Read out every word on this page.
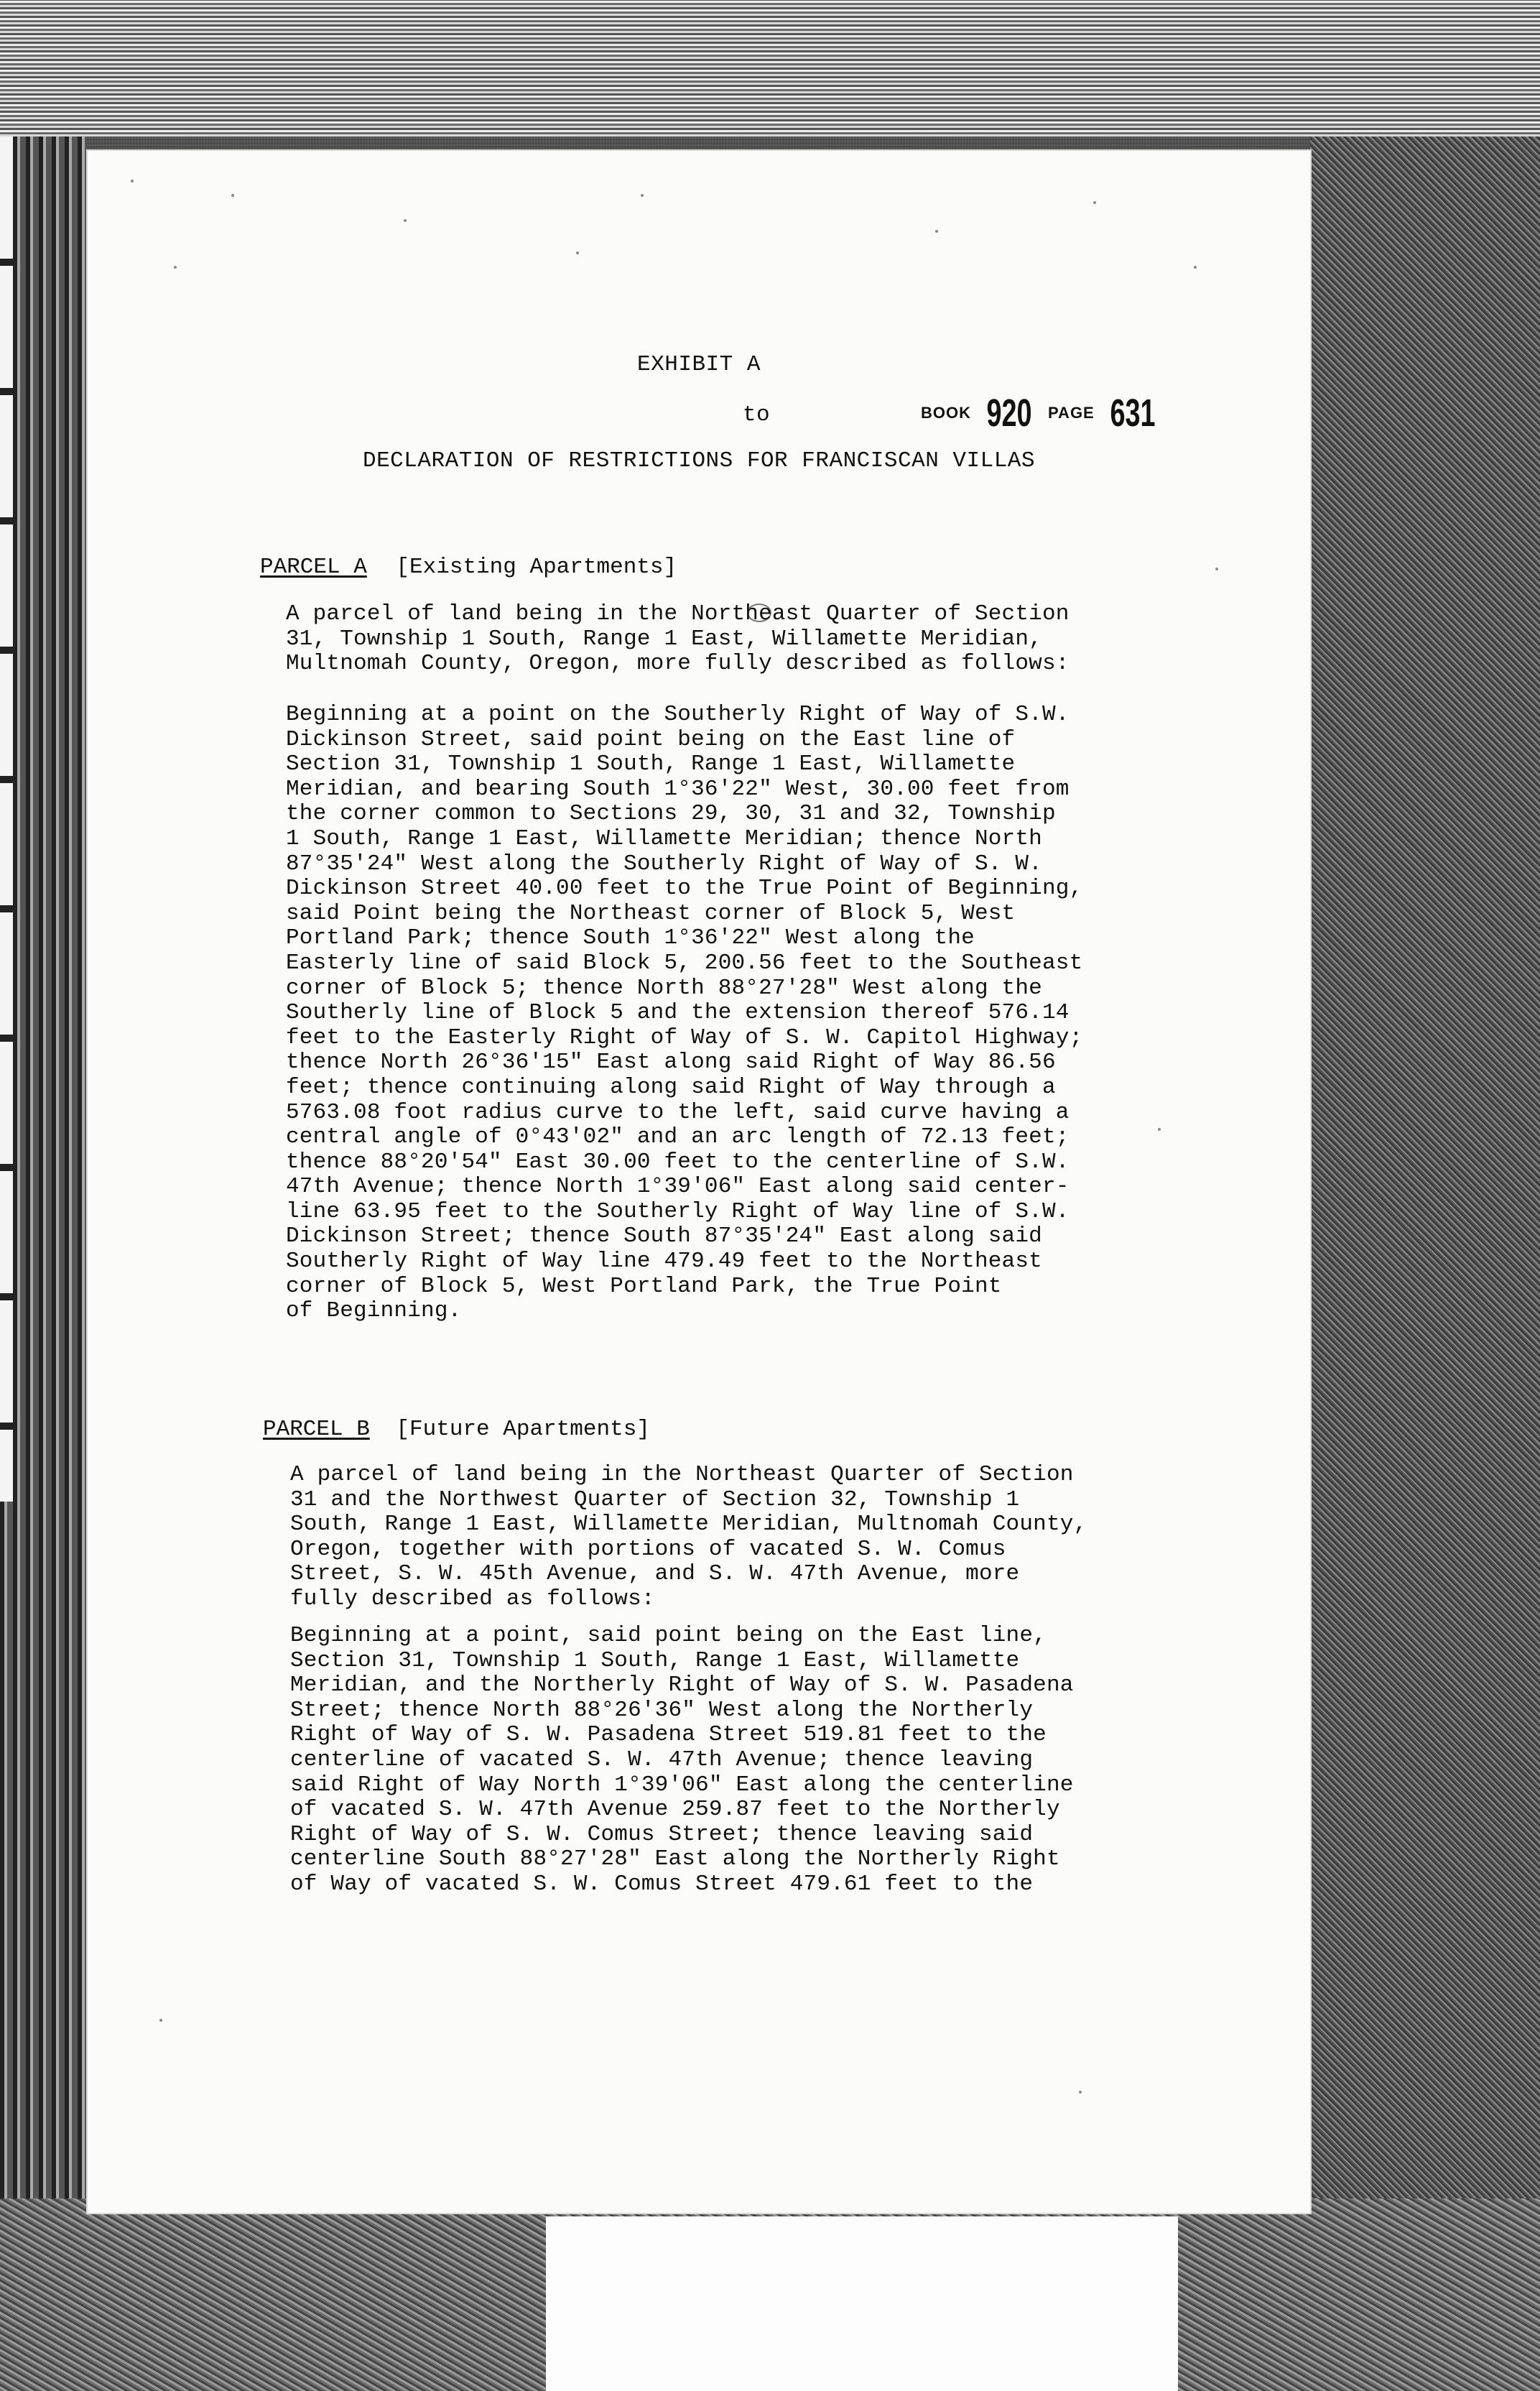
EXHIBIT A
to	BOOK 920 PAGE 631
DECLARATION OF RESTRICTIONS FOR FRANCISCAN VILLAS
PARCEL A [Existing Apartments]
A parcel of land being in the Northeast Quarter of Section
31, Township 1 South, Range 1 East, Willamette Meridian,
Multnomah County, Oregon, more fully described as follows:
Beginning at a point on the Southerly Right of Way of S.W.
Dickinson Street, said point being on the East line of
Section 31, Township 1 South, Range 1 East, Willamette
Meridian, and bearing South 1°36'22" West, 30.00 feet from
the corner common to Sections 29, 30, 31 and 32, Township
1 South, Range 1 East, Willamette Meridian; thence North
87°35'24" West along the Southerly Right of Way of S. W.
Dickinson Street 40.00 feet to the True Point of Beginning,
said Point being the Northeast corner of Block 5, West
Portland Park; thence South 1°36'22" West along the
Easterly line of said Block 5, 200.56 feet to the Southeast
corner of Block 5; thence North 88°27'28" West along the
Southerly line of Block 5 and the extension thereof 576.14
feet to the Easterly Right of Way of S. W. Capitol Highway;
thence North 26°36'15" East along said Right of Way 86.56
feet; thence continuing along said Right of Way through a
5763.08 foot radius curve to the left, said curve having a
central angle of 0°43'02" and an arc length of 72.13 feet;
thence 88°20'54" East 30.00 feet to the centerline of S.W.
47th Avenue; thence North 1°39'06" East along said center-
line 63.95 feet to the Southerly Right of Way line of S.W.
Dickinson Street; thence South 87°35'24" East along said
Southerly Right of Way line 479.49 feet to the Northeast
corner of Block 5, West Portland Park, the True Point
of Beginning.
PARCEL B [Future Apartments]
A parcel of land being in the Northeast Quarter of Section
31 and the Northwest Quarter of Section 32, Township 1
South, Range 1 East, Willamette Meridian, Multnomah County,
Oregon, together with portions of vacated S. W. Comus
Street, S. W. 45th Avenue, and S. W. 47th Avenue, more
fully described as follows:
Beginning at a point, said point being on the East line,
Section 31, Township 1 South, Range 1 East, Willamette
Meridian, and the Northerly Right of Way of S. W. Pasadena
Street; thence North 88°26'36" West along the Northerly
Right of Way of S. W. Pasadena Street 519.81 feet to the
centerline of vacated S. W. 47th Avenue; thence leaving
said Right of Way North 1°39'06" East along the centerline
of vacated S. W. 47th Avenue 259.87 feet to the Northerly
Right of Way of S. W. Comus Street; thence leaving said
centerline South 88°27'28" East along the Northerly Right
of Way of vacated S. W. Comus Street 479.61 feet to the
